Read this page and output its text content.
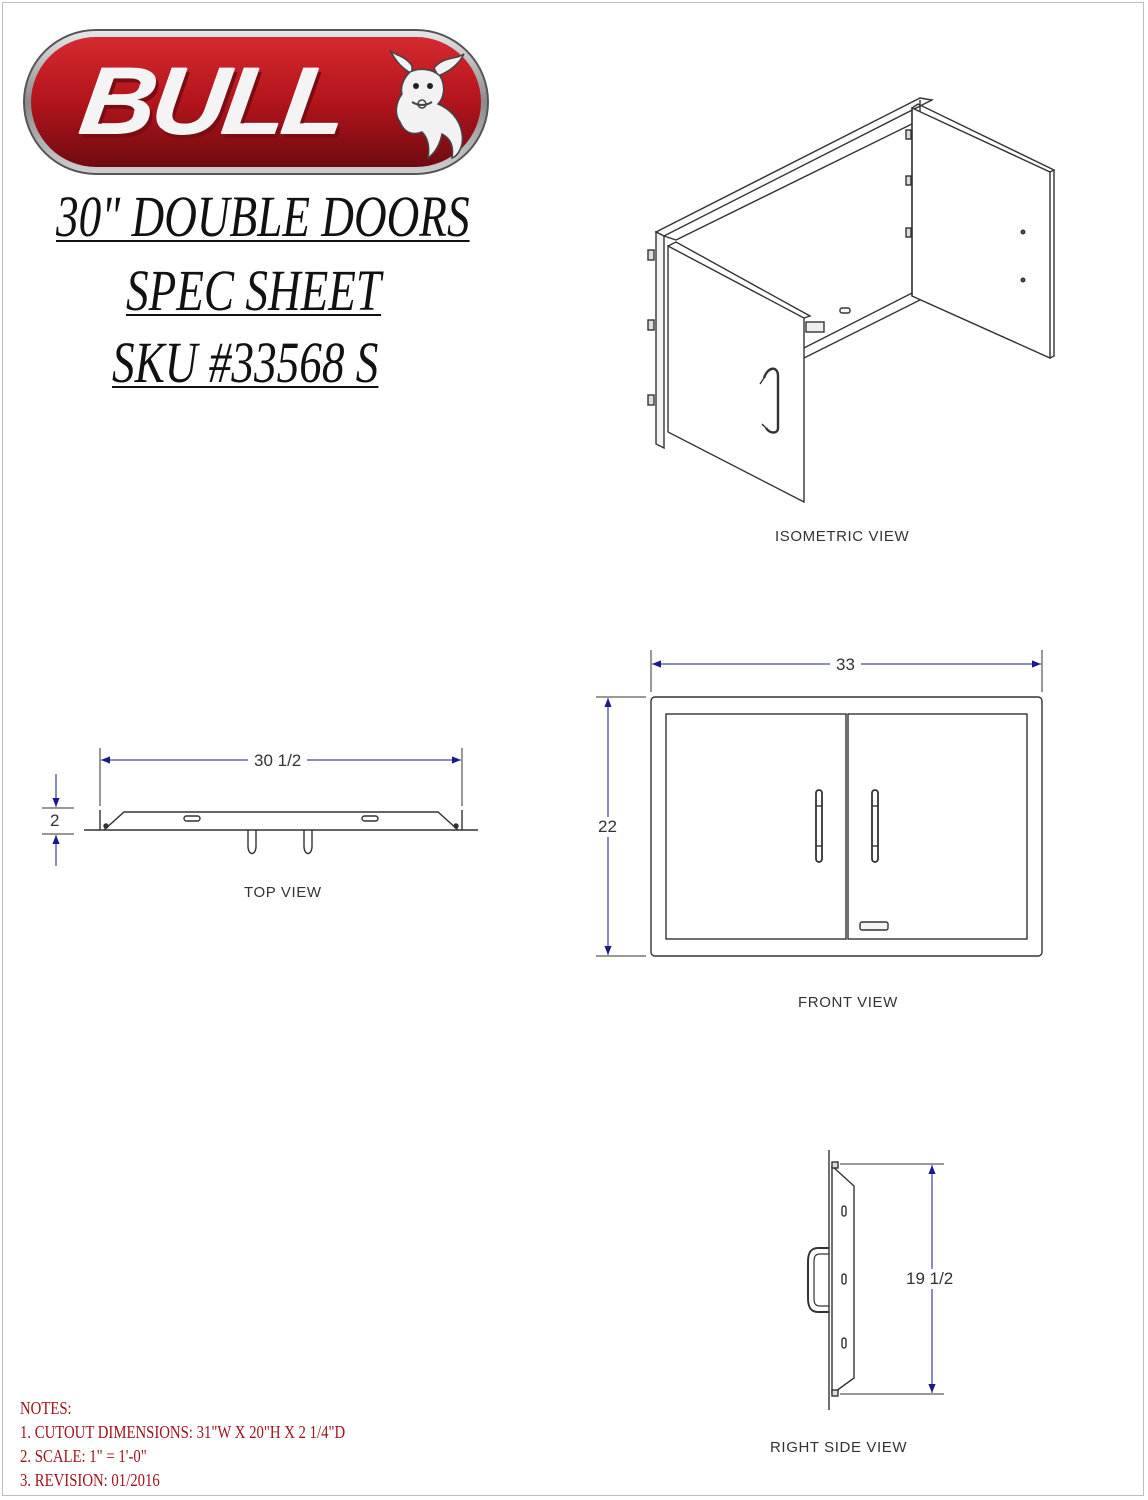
BULL
30" DOUBLE DOORS
SPEC SHEET
SKU #33568 S
ISOMETRIC VIEW
TOP VIEW
FRONT VIEW
RIGHT SIDE VIEW
30 1/2
2
33
22
19 1/2
NOTES:
1. CUTOUT DIMENSIONS: 31"W X 20"H X 2 1/4"D
2. SCALE: 1" = 1'-0"
3. REVISION: 01/2016
